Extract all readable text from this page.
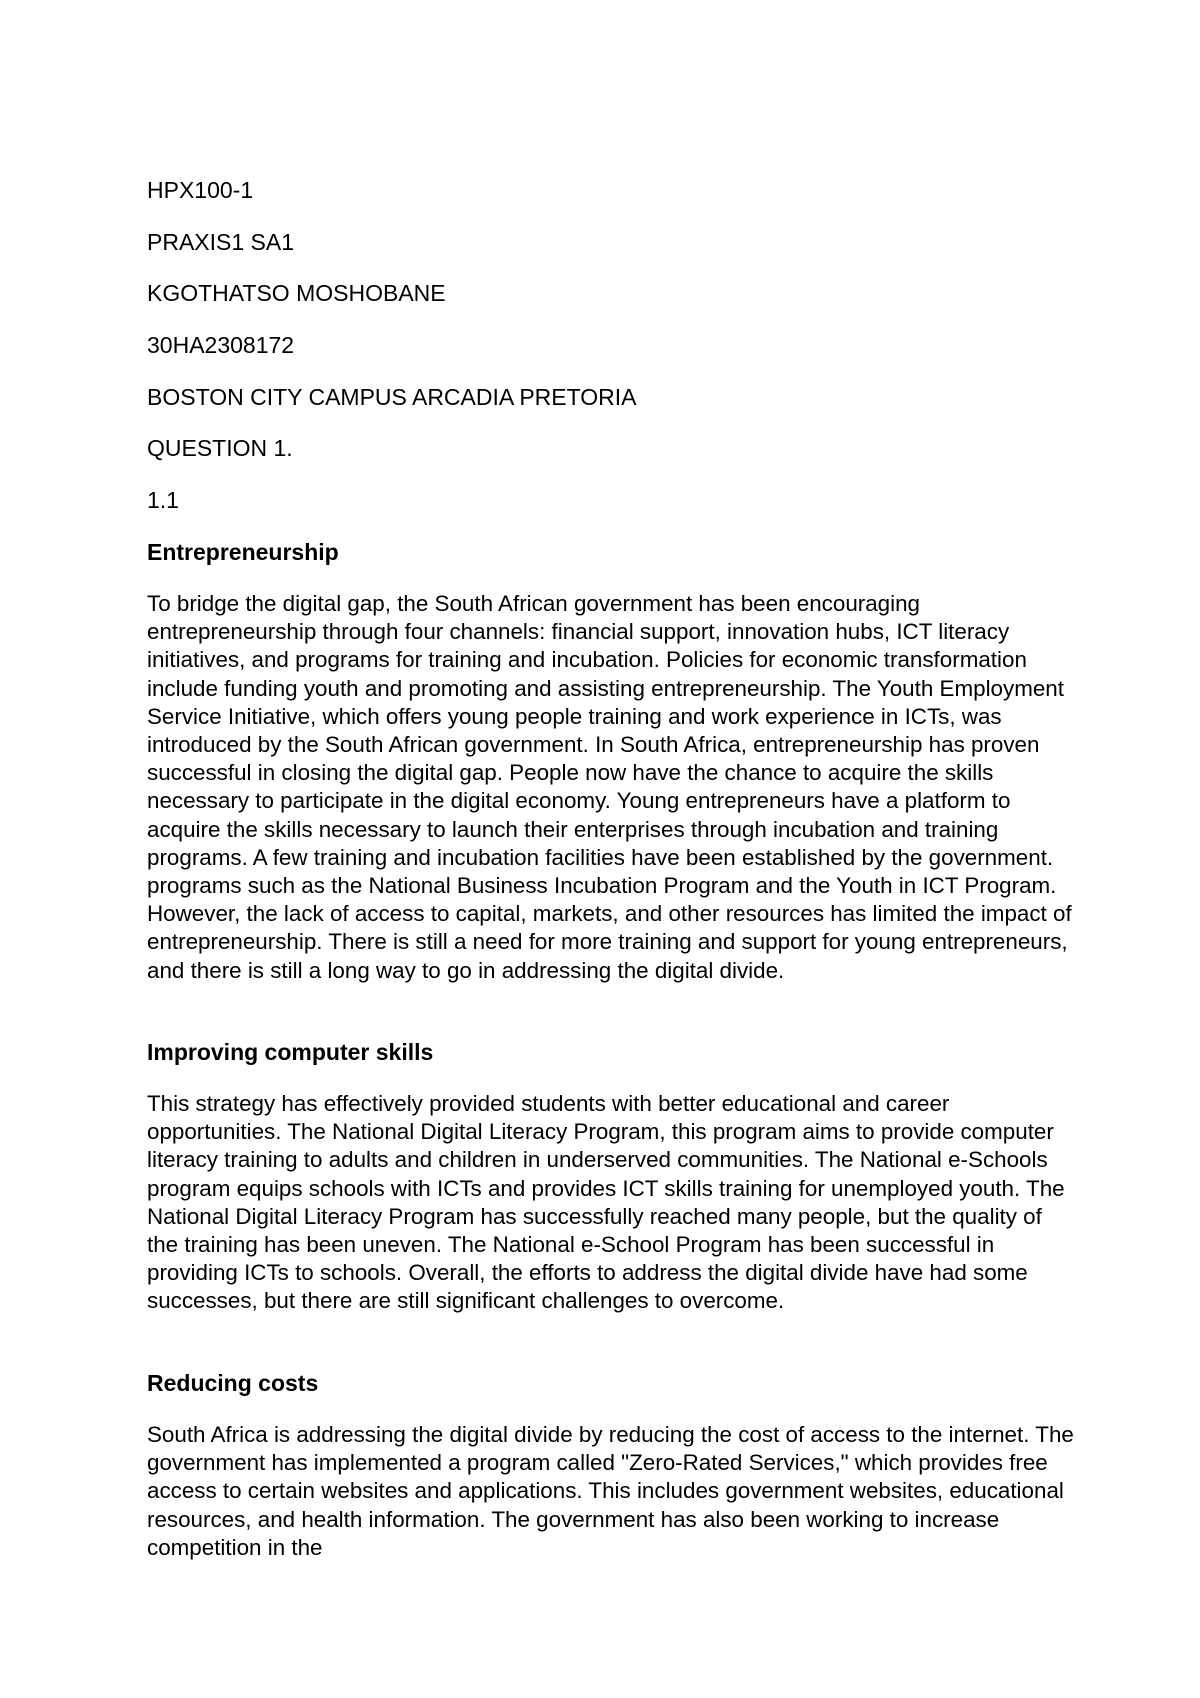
HPX100-1

PRAXIS1 SA1

KGOTHATSO MOSHOBANE

30HA2308172

BOSTON CITY CAMPUS ARCADIA PRETORIA

QUESTION 1.

1.1

Entrepreneurship

To bridge the digital gap, the South African government has been encouraging entrepreneurship through four channels: financial support, innovation hubs, ICT literacy initiatives, and programs for training and incubation. Policies for economic transformation include funding youth and promoting and assisting entrepreneurship. The Youth Employment Service Initiative, which offers young people training and work experience in ICTs, was introduced by the South African government. In South Africa, entrepreneurship has proven successful in closing the digital gap. People now have the chance to acquire the skills necessary to participate in the digital economy. Young entrepreneurs have a platform to acquire the skills necessary to launch their enterprises through incubation and training programs. A few training and incubation facilities have been established by the government. programs such as the National Business Incubation Program and the Youth in ICT Program. However, the lack of access to capital, markets, and other resources has limited the impact of entrepreneurship. There is still a need for more training and support for young entrepreneurs, and there is still a long way to go in addressing the digital divide.

Improving computer skills

This strategy has effectively provided students with better educational and career opportunities. The National Digital Literacy Program, this program aims to provide computer literacy training to adults and children in underserved communities. The National e-Schools program equips schools with ICTs and provides ICT skills training for unemployed youth. The National Digital Literacy Program has successfully reached many people, but the quality of the training has been uneven. The National e-School Program has been successful in providing ICTs to schools. Overall, the efforts to address the digital divide have had some successes, but there are still significant challenges to overcome.

Reducing costs

South Africa is addressing the digital divide by reducing the cost of access to the internet. The government has implemented a program called "Zero-Rated Services," which provides free access to certain websites and applications. This includes government websites, educational resources, and health information. The government has also been working to increase competition in the
